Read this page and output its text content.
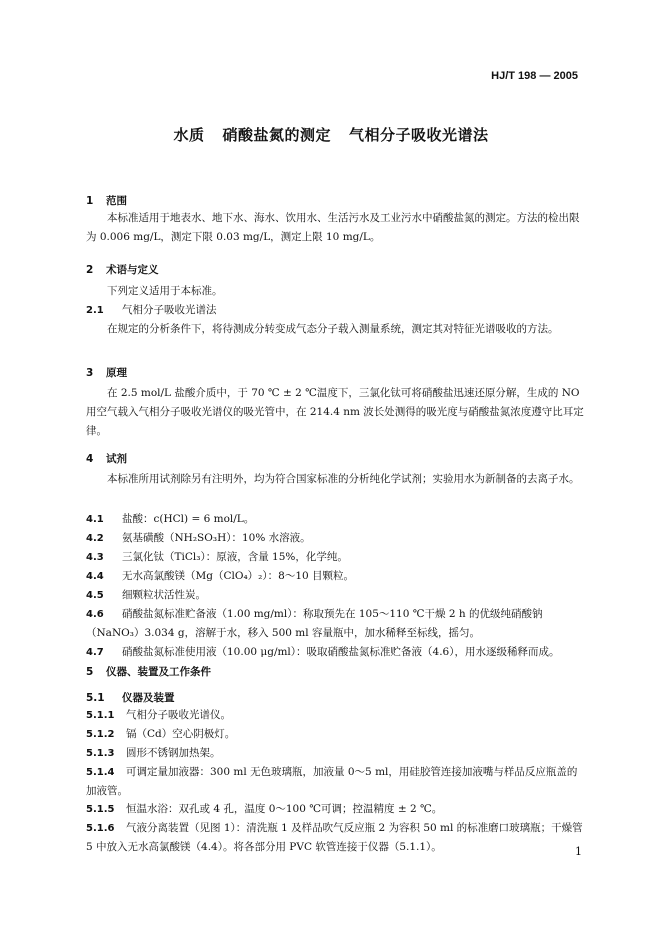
HJ/T 198 — 2005
水质 硝酸盐氮的测定 气相分子吸收光谱法
1 范围
本标准适用于地表水、地下水、海水、饮用水、生活污水及工业污水中硝酸盐氮的测定。方法的检出限为 0.006 mg/L，测定下限 0.03 mg/L，测定上限 10 mg/L。
2 术语与定义
下列定义适用于本标准。
2.1 气相分子吸收光谱法
在规定的分析条件下，将待测成分转变成气态分子载入测量系统，测定其对特征光谱吸收的方法。
3 原理
在 2.5 mol/L 盐酸介质中，于 70 ℃ ± 2 ℃温度下，三氯化钛可将硝酸盐迅速还原分解，生成的 NO 用空气载入气相分子吸收光谱仪的吸光管中，在 214.4 nm 波长处测得的吸光度与硝酸盐氮浓度遵守比耳定律。
4 试剂
本标准所用试剂除另有注明外，均为符合国家标准的分析纯化学试剂；实验用水为新制备的去离子水。
4.1 盐酸：c(HCl) = 6 mol/L。
4.2 氨基磺酸（NH₂SO₃H）：10% 水溶液。
4.3 三氯化钛（TiCl₃）：原液，含量 15%，化学纯。
4.4 无水高氯酸镁（Mg（ClO₄）₂）：8～10 目颗粒。
4.5 细颗粒状活性炭。
4.6 硝酸盐氮标准贮备液（1.00 mg/ml）：称取预先在 105～110 ℃干燥 2 h 的优级纯硝酸钠（NaNO₃）3.034 g，溶解于水，移入 500 ml 容量瓶中，加水稀释至标线，摇匀。
4.7 硝酸盐氮标准使用液（10.00 μg/ml）：吸取硝酸盐氮标准贮备液（4.6），用水逐级稀释而成。
5 仪器、装置及工作条件
5.1 仪器及装置
5.1.1 气相分子吸收光谱仪。
5.1.2 镉（Cd）空心阴极灯。
5.1.3 圆形不锈钢加热架。
5.1.4 可调定量加液器：300 ml 无色玻璃瓶，加液量 0～5 ml，用硅胶管连接加液嘴与样品反应瓶盖的加液管。
5.1.5 恒温水浴：双孔或 4 孔，温度 0～100 ℃可调；控温精度 ± 2 ℃。
5.1.6 气液分离装置（见图 1）：清洗瓶 1 及样品吹气反应瓶 2 为容积 50 ml 的标准磨口玻璃瓶；干燥管 5 中放入无水高氯酸镁（4.4）。将各部分用 PVC 软管连接于仪器（5.1.1）。	1
